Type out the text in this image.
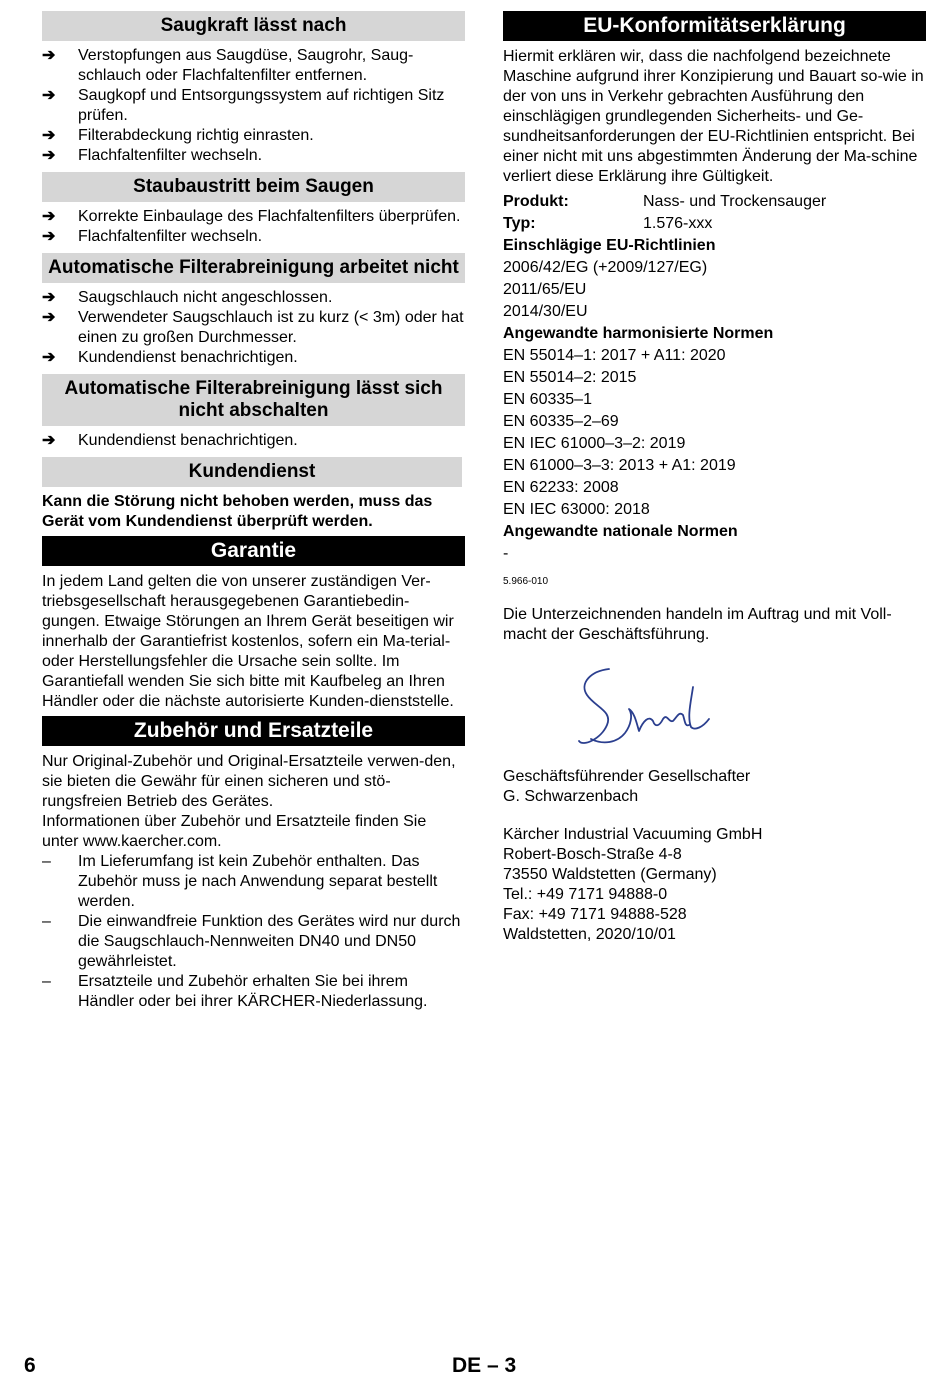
Saugkraft lässt nach
➔	Verstopfungen aus Saugdüse, Saugrohr, Saug-schlauch oder Flachfaltenfilter entfernen.
➔	Saugkopf und Entsorgungssystem auf richtigen Sitz prüfen.
➔	Filterabdeckung richtig einrasten.
➔	Flachfaltenfilter wechseln.
Staubaustritt beim Saugen
➔	Korrekte Einbaulage des Flachfaltenfilters überprüfen.
➔	Flachfaltenfilter wechseln.
Automatische Filterabreinigung arbeitet nicht
➔	Saugschlauch nicht angeschlossen.
➔	Verwendeter Saugschlauch ist zu kurz (< 3m) oder hat einen zu großen Durchmesser.
➔	Kundendienst benachrichtigen.
Automatische Filterabreinigung lässt sich nicht abschalten
➔	Kundendienst benachrichtigen.
Kundendienst

Kann die Störung nicht behoben werden, muss das Gerät vom Kundendienst überprüft werden.

Garantie

In jedem Land gelten die von unserer zuständigen Ver-triebsgesellschaft herausgegebenen Garantiebedin-gungen. Etwaige Störungen an Ihrem Gerät beseitigen wir innerhalb der Garantiefrist kostenlos, sofern ein Ma-terial- oder Herstellungsfehler die Ursache sein sollte. Im Garantiefall wenden Sie sich bitte mit Kaufbeleg an Ihren Händler oder die nächste autorisierte Kunden-dienststelle.

Zubehör und Ersatzteile

Nur Original-Zubehör und Original-Ersatzteile verwen-den, sie bieten die Gewähr für einen sicheren und stö-rungsfreien Betrieb des Gerätes.

Informationen über Zubehör und Ersatzteile finden Sie unter www.kaercher.com.

–	Im Lieferumfang ist kein Zubehör enthalten. Das Zubehör muss je nach Anwendung separat bestellt werden.
–	Die einwandfreie Funktion des Gerätes wird nur durch die Saugschlauch-Nennweiten DN40 und DN50 gewährleistet.
–	Ersatzteile und Zubehör erhalten Sie bei ihrem Händler oder bei ihrer KÄRCHER-Niederlassung.
EU-Konformitätserklärung

Hiermit erklären wir, dass die nachfolgend bezeichnete Maschine aufgrund ihrer Konzipierung und Bauart so-wie in der von uns in Verkehr gebrachten Ausführung den einschlägigen grundlegenden Sicherheits- und Ge-sundheitsanforderungen der EU-Richtlinien entspricht. Bei einer nicht mit uns abgestimmten Änderung der Ma-schine verliert diese Erklärung ihre Gültigkeit.

Produkt:	Nass- und Trockensauger
Typ:	1.576-xxx

Einschlägige EU-Richtlinien

2006/42/EG (+2009/127/EG)

2011/65/EU

2014/30/EU

Angewandte harmonisierte Normen

EN 55014–1: 2017 + A11: 2020

EN 55014–2: 2015

EN 60335–1

EN 60335–2–69

EN IEC 61000–3–2: 2019

EN 61000–3–3: 2013 + A1: 2019

EN 62233: 2008

EN IEC 63000: 2018

Angewandte nationale Normen

-

5.966-010

Die Unterzeichnenden handeln im Auftrag und mit Voll-macht der Geschäftsführung.

Geschäftsführender Gesellschafter

G. Schwarzenbach

Kärcher Industrial Vacuuming GmbH

Robert-Bosch-Straße 4-8

73550 Waldstetten (Germany)

Tel.: +49 7171 94888-0

Fax: +49 7171 94888-528

Waldstetten, 2020/10/01

6	DE – 3
